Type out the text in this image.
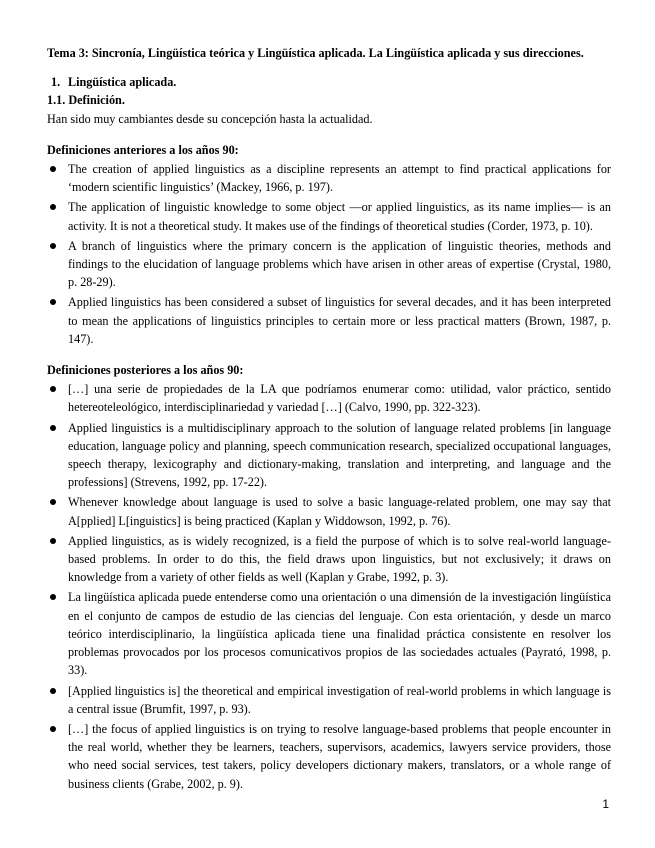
Tema 3: Sincronía, Lingüística teórica y Lingüística aplicada. La Lingüística aplicada y sus direcciones.

1. Lingüística aplicada.

1.1. Definición.

Han sido muy cambiantes desde su concepción hasta la actualidad.

Definiciones anteriores a los años 90:

The creation of applied linguistics as a discipline represents an attempt to find practical applications for ‘modern scientific linguistics’ (Mackey, 1966, p. 197).
The application of linguistic knowledge to some object —or applied linguistics, as its name implies— is an activity. It is not a theoretical study. It makes use of the findings of theoretical studies (Corder, 1973, p. 10).
A branch of linguistics where the primary concern is the application of linguistic theories, methods and findings to the elucidation of language problems which have arisen in other areas of expertise (Crystal, 1980, p. 28-29).
Applied linguistics has been considered a subset of linguistics for several decades, and it has been interpreted to mean the applications of linguistics principles to certain more or less practical matters (Brown, 1987, p. 147).

Definiciones posteriores a los años 90:

[…] una serie de propiedades de la LA que podríamos enumerar como: utilidad, valor práctico, sentido hetereoteleológico, interdisciplinariedad y variedad […] (Calvo, 1990, pp. 322-323).
Applied linguistics is a multidisciplinary approach to the solution of language related problems [in language education, language policy and planning, speech communication research, specialized occupational languages, speech therapy, lexicography and dictionary-making, translation and interpreting, and language and the professions] (Strevens, 1992, pp. 17-22).
Whenever knowledge about language is used to solve a basic language-related problem, one may say that A[pplied] L[inguistics] is being practiced (Kaplan y Widdowson, 1992, p. 76).
Applied linguistics, as is widely recognized, is a field the purpose of which is to solve real-world language-based problems. In order to do this, the field draws upon linguistics, but not exclusively; it draws on knowledge from a variety of other fields as well (Kaplan y Grabe, 1992, p. 3).
La lingüística aplicada puede entenderse como una orientación o una dimensión de la investigación lingüística en el conjunto de campos de estudio de las ciencias del lenguaje. Con esta orientación, y desde un marco teórico interdisciplinario, la lingüística aplicada tiene una finalidad práctica consistente en resolver los problemas provocados por los procesos comunicativos propios de las sociedades actuales (Payrató, 1998, p. 33).
[Applied linguistics is] the theoretical and empirical investigation of real-world problems in which language is a central issue (Brumfit, 1997, p. 93).
[…] the focus of applied linguistics is on trying to resolve language-based problems that people encounter in the real world, whether they be learners, teachers, supervisors, academics, lawyers service providers, those who need social services, test takers, policy developers dictionary makers, translators, or a whole range of business clients (Grabe, 2002, p. 9).
1
